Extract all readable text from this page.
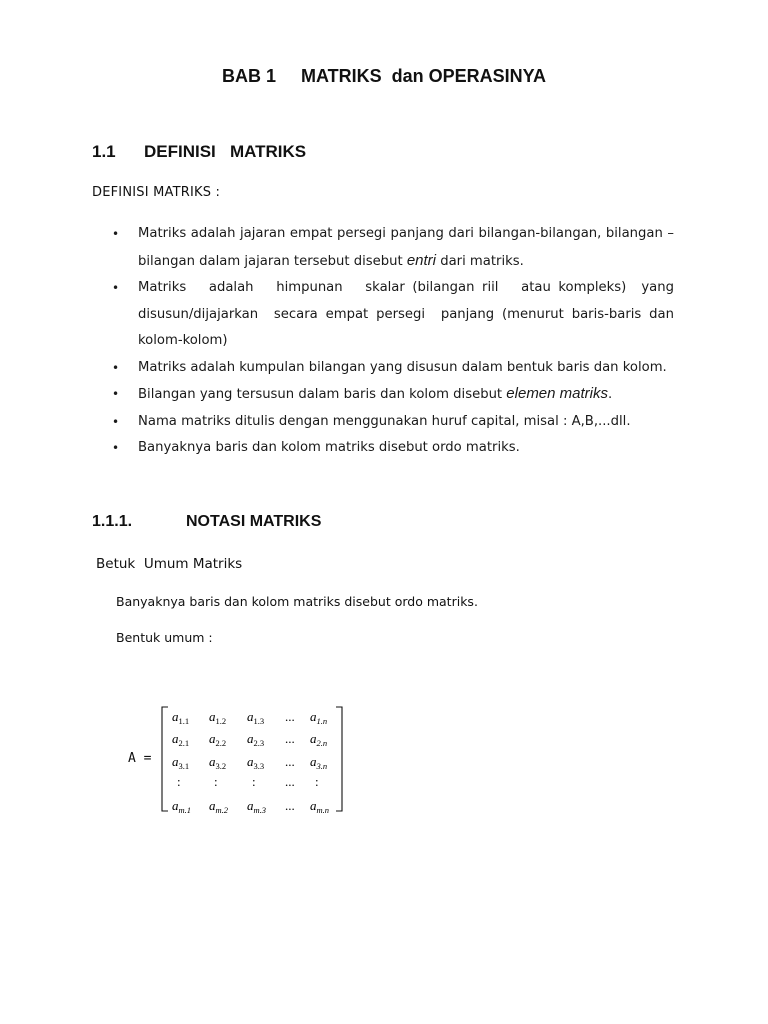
BAB 1     MATRIKS  dan OPERASINYA
1.1 DEFINISI   MATRIKS
DEFINISI MATRIKS :
• Matriks adalah jajaran empat persegi panjang dari bilangan-bilangan, bilangan –bilangan dalam jajaran tersebut disebut entri dari matriks.
• Matriks   adalah   himpunan   skalar (bilangan riil   atau kompleks)  yang disusun/dijajarkan  secara empat persegi  panjang (menurut baris-baris dan kolom-kolom)
• Matriks adalah kumpulan bilangan yang disusun dalam bentuk baris dan kolom.
• Bilangan yang tersusun dalam baris dan kolom disebut elemen matriks.
• Nama matriks ditulis dengan menggunakan huruf capital, misal : A,B,...dll.
• Banyaknya baris dan kolom matriks disebut ordo matriks.
1.1.1.	NOTASI MATRIKS
Betuk  Umum Matriks
Banyaknya baris dan kolom matriks disebut ordo matriks.
Bentuk umum :
A =
a1.1 a1.2 a1.3 ... a1.n
a2.1 a2.2 a2.3 ... a2.n
a3.1 a3.2 a3.3 ... a3.n
:	:	: ... :
am.1 am.2 am.3 ... am.n
